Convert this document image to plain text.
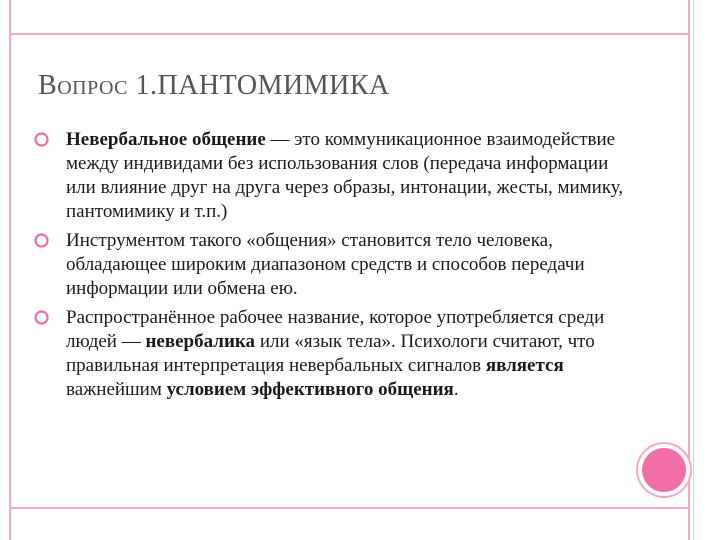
ВОПРОС 1.ПАНТОМИМИКА
Невербальное общение — это коммуникационное взаимодействие между индивидами без использования слов (передача информации или влияние друг на друга через образы, интонации, жесты, мимику, пантомимику и т.п.)
Инструментом такого «общения» становится тело человека, обладающее широким диапазоном средств и способов передачи информации или обмена ею.
Распространённое рабочее название, которое употребляется среди людей — невербалика или «язык тела». Психологи считают, что правильная интерпретация невербальных сигналов является важнейшим условием эффективного общения.
